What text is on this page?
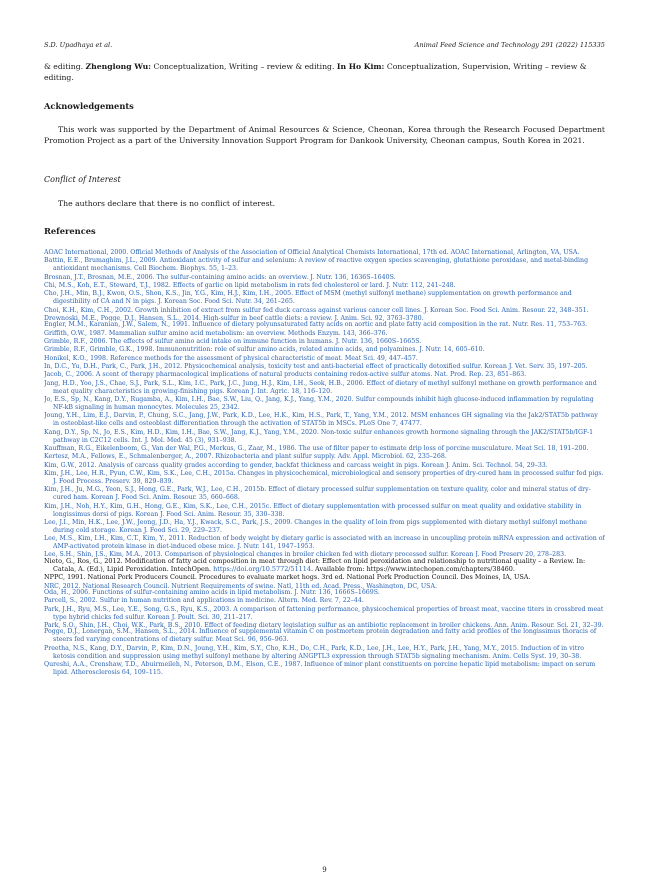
S.D. Upadhaya et al.	Animal Feed Science and Technology 291 (2022) 115335
& editing. Zhenglong Wu: Conceptualization, Writing – review & editing. In Ho Kim: Conceptualization, Supervision, Writing – review & editing.
Acknowledgements

This work was supported by the Department of Animal Resources & Science, Cheonan, Korea through the Research Focused Department Promotion Project as a part of the University Innovation Support Program for Dankook University, Cheonan campus, South Korea in 2021.

Conflict of Interest

The authors declare that there is no conflict of interest.

References
AOAC International, 2000. Official Methods of Analysis of the Association of Official Analytical Chemists International, 17th ed. AOAC International, Arlington, VA, USA.
Battin, E.E., Brumaghim, J.L., 2009. Antioxidant activity of sulfur and selenium: A review of reactive oxygen species scavenging, glutathione peroxidase, and metal-binding antioxidant mechanisms. Cell Biochem. Biophys. 55, 1–23.
Brosnan, J.T., Brosnan, M.E., 2006. The sulfur-containing amino acids: an overview. J. Nutr. 136, 1636S–1640S.
Chi, M.S., Koh, E.T., Steward, T.J., 1982. Effects of garlic on lipid metabolism in rats fed cholesterol or lard. J. Nutr. 112, 241–248.
Cho, J.H., Min, B.J., Kwon, O.S., Shon, K.S., Jin, Y.G., Kim, H.J., Kim, I.H., 2005. Effect of MSM (methyl sulfonyl methane) supplementation on growth performance and digestibility of CA and N in pigs. J. Korean Soc. Food Sci. Nutr. 34, 261–265.
Choi, K.H., Kim, C.H., 2002. Growth inhibition of extract from sulfur fed duck carcass against various cancer cell lines. J. Korean Soc. Food Sci. Anim. Resour. 22, 348–351.
Drewnoski, M.E., Pogge, D.J., Hansen, S.L., 2014. High-sulfur in beef cattle diets: a review. J. Anim. Sci. 92, 3763–3780.
Engler, M.M., Karanian, J.W., Salem, N., 1991. Influence of dietary polyunsaturated fatty acids on aortic and plate fatty acid composition in the rat. Nutr. Res. 11, 753–763.
Griffith, O.W., 1987. Mammalian sulfur amino acid metabolism: an overview. Methods Enzym. 143, 366–376.
Grimble, R.F., 2006. The effects of sulfur amino acid intake on immune function in humans. J. Nutr. 136, 1660S–1665S.
Grimble, R.F., Grimble, G.K., 1998. Immunonutrition: role of sulfur amino acids, related amino acids, and polyamines. J. Nutr. 14, 605–610.
Honikel, K.O., 1998. Reference methods for the assessment of physical characteristic of meat. Meat Sci. 49, 447–457.
In, D.C., Yu, D.H., Park, C., Park, J.H., 2012. Physicochemical analysis, toxicity test and anti-bacterial effect of practically detoxified sulfur. Korean J. Vet. Serv. 35, 197–205.
Jacob, C., 2006. A scent of therapy pharmacological implications of natural products containing redox-active sulfur atoms. Nat. Prod. Rep. 23, 851–863.
Jang, H.D., Yoo, J.S., Chae, S.J., Park, S.L., Kim, I.C., Park, J.C., Jung, H.J., Kim, I.H., Seok, H.B., 2006. Effect of dietary of methyl sulfonyl methane on growth performance and meat quality characteristics in growing-finishing pigs. Korean J. Int. Agric. 18, 116–120.
Jo, E.S., Sp, N., Kang, D.Y., Rugamba, A., Kim, I.H., Bae, S.W., Liu, Q., Jang, K.J., Yang, Y.M., 2020. Sulfur compounds inhibit high glucose-induced inflammation by regulating NF-kB signaling in human monocytes. Molecules 25, 2342.
Joung, Y.H., Lim, E.J., Darvin, P., Chung, S.C., Jang, J.W., Park, K.D., Lee, H.K., Kim, H.S., Park, T., Yang, Y.M., 2012. MSM enhances GH signaling via the Jak2/STAT5b pathway in osteoblast-like cells and osteoblast differentiation through the activation of STAT5b in MSCs. PLoS One 7, 47477.
Kang, D.Y., Sp, N., Jo, E.S., Kim, H.D., Kim, I.H., Bae, S.W., Jang, K.J., Yang, Y.M., 2020. Non-toxic sulfur enhances growth hormone signaling through the JAK2/STAT5b/IGF-1 pathway in C2C12 cells. Int. J. Mol. Med. 45 (3), 931–938.
Kauffman, R.G., Eikelenboom, G., Van der Wal, P.G., Merkus, G., Zaar, M., 1986. The use of filter paper to estimate drip loss of porcine musculature. Meat Sci. 18, 191–200.
Kertesz, M.A., Fellows, E., Schmalenberger, A., 2007. Rhizobacteria and plant sulfur supply. Adv. Appl. Microbiol. 62, 235–268.
Kim, G.W., 2012. Analysis of carcass quality grades according to gender, backfat thickness and carcass weight in pigs. Korean J. Anim. Sci. Technol. 54, 29–33.
Kim, J.H., Lee, H.R., Pyun, C.W., Kim, S.K., Lee, C.H., 2015a. Changes in physicochemical, microbiological and sensory properties of dry-cured ham in processed sulfur fed pigs. J. Food Process. Preserv. 39, 829–839.
Kim, J.H., Ju, M.G., Yeon, S.J., Hong, G.E., Park, W.J., Lee, C.H., 2015b. Effect of dietary processed sulfur supplementation on texture quality, color and mineral status of dry-cured ham. Korean J. Food Sci. Anim. Resour. 35, 660–668.
Kim, J.H., Noh, H.Y., Kim, G.H., Hong, G.E., Kim, S.K., Lee, C.H., 2015c. Effect of dietary supplementation with processed sulfur on meat quality and oxidative stability in longissimus dorsi of pigs. Korean J. Food Sci. Anim. Resour. 35, 330–338.
Lee, J.I., Min, H.K., Lee, J.W., Jeong, J.D., Ha, Y.J., Kwack, S.C., Park, J.S., 2009. Changes in the quality of loin from pigs supplemented with dietary methyl sulfonyl methane during cold storage. Korean J. Food Sci. 29, 229–237.
Lee, M.S., Kim, I.H., Kim, C.T., Kim, Y., 2011. Reduction of body weight by dietary garlic is associated with an increase in uncoupling protein mRNA expression and activation of AMP-activated protein kinase in diet-induced obese mice. J. Nutr. 141, 1947–1953.
Lee, S.H., Shin, J.S., Kim, M.A., 2013. Comparison of physiological changes in broiler chicken fed with dietary processed sulfur. Korean J. Food Preserv 20, 278–283.
Nieto, G., Ros, G., 2012. Modification of fatty acid composition in meat through diet: Effect on lipid peroxidation and relationship to nutritional quality – a Review. In: Catala, A. (Ed.), Lipid Peroxidation. IntechOpen. https://doi.org/10.5772/51114. Available from: https://www.intechopen.com/chapters/38460.
NPPC, 1991. National Pork Producers Council. Procedures to evaluate market hogs. 3rd ed. National Pork Production Council. Des Moines, IA, USA.
NRC, 2012. National Research Council. Nutrient Requirements of swine. Natl, 11th ed. Acad. Press., Washington, DC, USA.
Oda, H., 2006. Functions of sulfur-containing amino acids in lipid metabolism. J. Nutr. 136, 1666S–1669S.
Parcell, S., 2002. Sulfur in human nutrition and applications in medicine. Altern. Med. Rev. 7, 22–44.
Park, J.H., Ryu, M.S., Lee, Y.E., Song, G.S., Ryu, K.S., 2003. A comparison of fattening performance, physicochemical properties of breast meat, vaccine titers in crossbred meat type hybrid chicks fed sulfur. Korean J. Poult. Sci. 30, 211–217.
Park, S.O., Shin, J.H., Choi, W.K., Park, B.S., 2010. Effect of feeding dietary legislation sulfur as an antibiotic replacement in broiler chickens. Ann. Anim. Resour. Sci. 21, 32–39.
Pogge, D.J., Lonergan, S.M., Hansen, S.L., 2014. Influence of supplemental vitamin C on postmortem protein degradation and fatty acid profiles of the longissimus thoracis of steers fed varying concentrations of dietary sulfur. Meat Sci. 96, 956–963.
Preetha, N.S., Kang, D.Y., Darvin, P., Kim, D.N., Joung, Y.H., Kim, S.Y., Cho, K.H., Do, C.H., Park, K.D., Lee, J.H., Lee, H.Y., Park, J.H., Yang, M.Y., 2015. Induction of in vitro ketosis condition and suppression using methyl sulfonyl methane by altering ANGPTL3 expression through STAT5b signaling mechanism. Anim. Cells Syst. 19, 30–38.
Qureshi, A.A., Crenshaw, T.D., Abuirmeileh, N., Peterson, D.M., Elson, C.E., 1987. Influence of minor plant constituents on porcine hepatic lipid metabolism: impact on serum lipid. Atherosclerosis 64, 109–115.
9
